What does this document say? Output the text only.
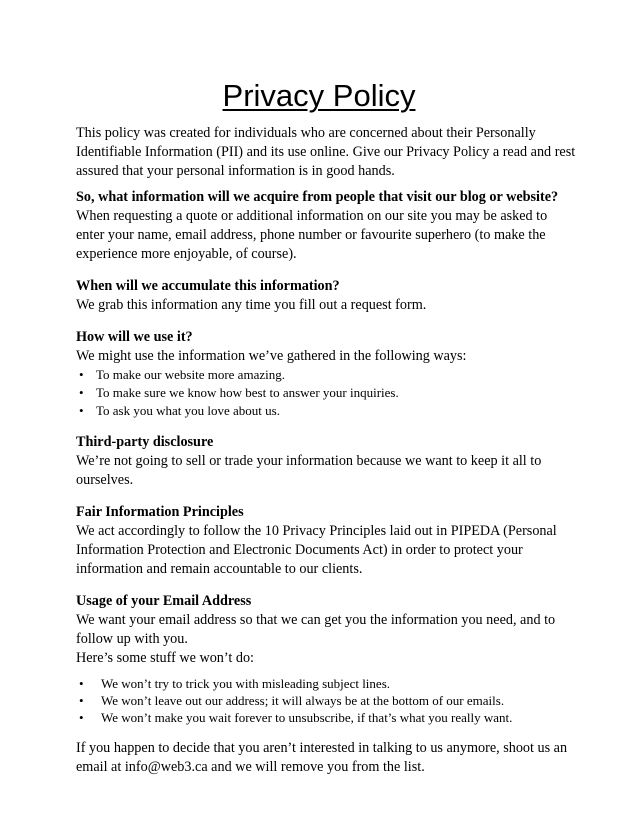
Privacy Policy

This policy was created for individuals who are concerned about their Personally Identifiable Information (PII) and its use online. Give our Privacy Policy a read and rest assured that your personal information is in good hands.

So, what information will we acquire from people that visit our blog or website?

When requesting a quote or additional information on our site you may be asked to enter your name, email address, phone number or favourite superhero (to make the experience more enjoyable, of course).

When will we accumulate this information?

We grab this information any time you fill out a request form.

How will we use it?

We might use the information we’ve gathered in the following ways:

• To make our website more amazing.
• To make sure we know how best to answer your inquiries.
• To ask you what you love about us.

Third-party disclosure

We’re not going to sell or trade your information because we want to keep it all to ourselves.

Fair Information Principles

We act accordingly to follow the 10 Privacy Principles laid out in PIPEDA (Personal Information Protection and Electronic Documents Act) in order to protect your information and remain accountable to our clients.

Usage of your Email Address

We want your email address so that we can get you the information you need, and to follow up with you.

Here’s some stuff we won’t do:

• We won’t try to trick you with misleading subject lines.
• We won’t leave out our address; it will always be at the bottom of our emails.
• We won’t make you wait forever to unsubscribe, if that’s what you really want.

If you happen to decide that you aren’t interested in talking to us anymore, shoot us an email at info@web3.ca and we will remove you from the list.
